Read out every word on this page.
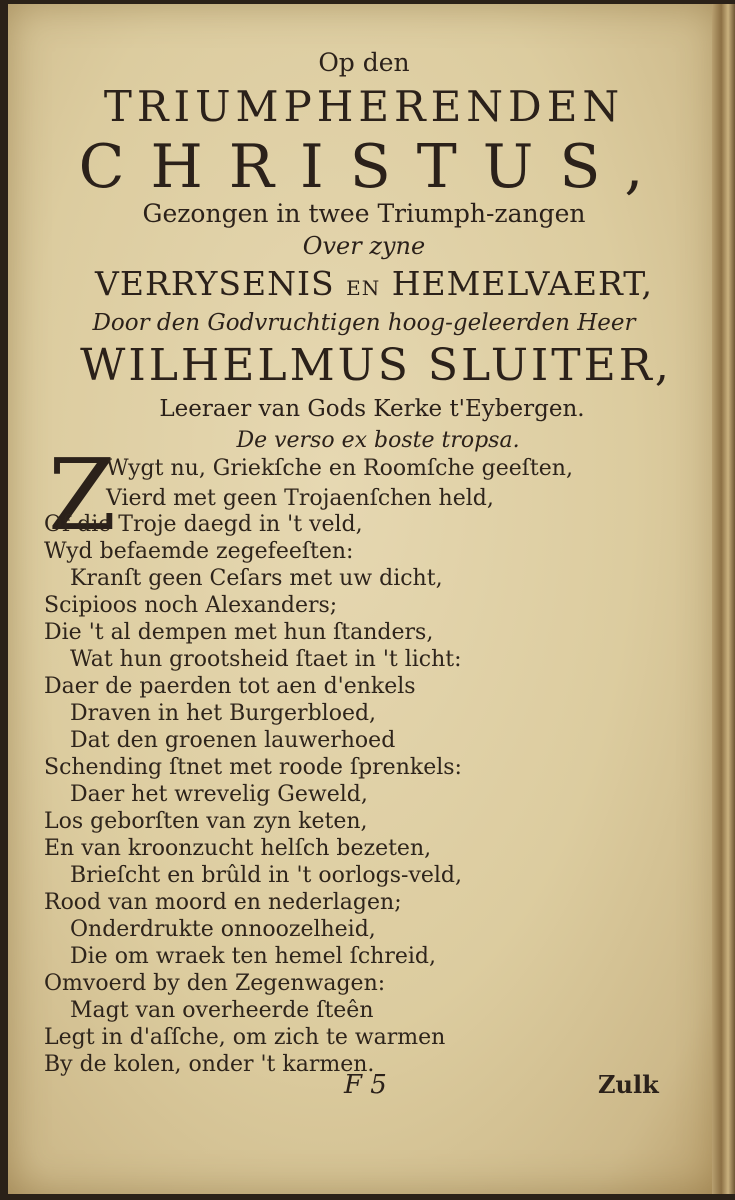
Op den
TRIUMPHERENDEN
CHRISTUS,
Gezongen in twee Triumph-zangen
Over zyne
VERRYSENIS EN HEMELVAERT,
Door den Godvruchtigen hoog-geleerden Heer
WILHELMUS SLUITER,
Leeraer van Gods Kerke t'Eybergen.
De verso ex boste tropsa.
Z
Wygt nu, Griekſche en Roomſche geeſten,
Vierd met geen Trojaenſchen held,
Of die Troje daegd in 't veld,
Wyd befaemde zegefeeſten:
Kranſt geen Ceſars met uw dicht,
Scipioos noch Alexanders;
Die 't al dempen met hun ſtanders,
Wat hun grootsheid ſtaet in 't licht:
Daer de paerden tot aen d'enkels
Draven in het Burgerbloed,
Dat den groenen lauwerhoed
Schending ſtnet met roode ſprenkels:
Daer het wrevelig Geweld,
Los geborſten van zyn keten,
En van kroonzucht helſch bezeten,
Brieſcht en brûld in 't oorlogs-veld,
Rood van moord en nederlagen;
Onderdrukte onnoozelheid,
Die om wraek ten hemel ſchreid,
Omvoerd by den Zegenwagen:
Magt van overheerde ſteên
Legt in d'aſſche, om zich te warmen
By de kolen, onder 't karmen.
F 5	Zulk
